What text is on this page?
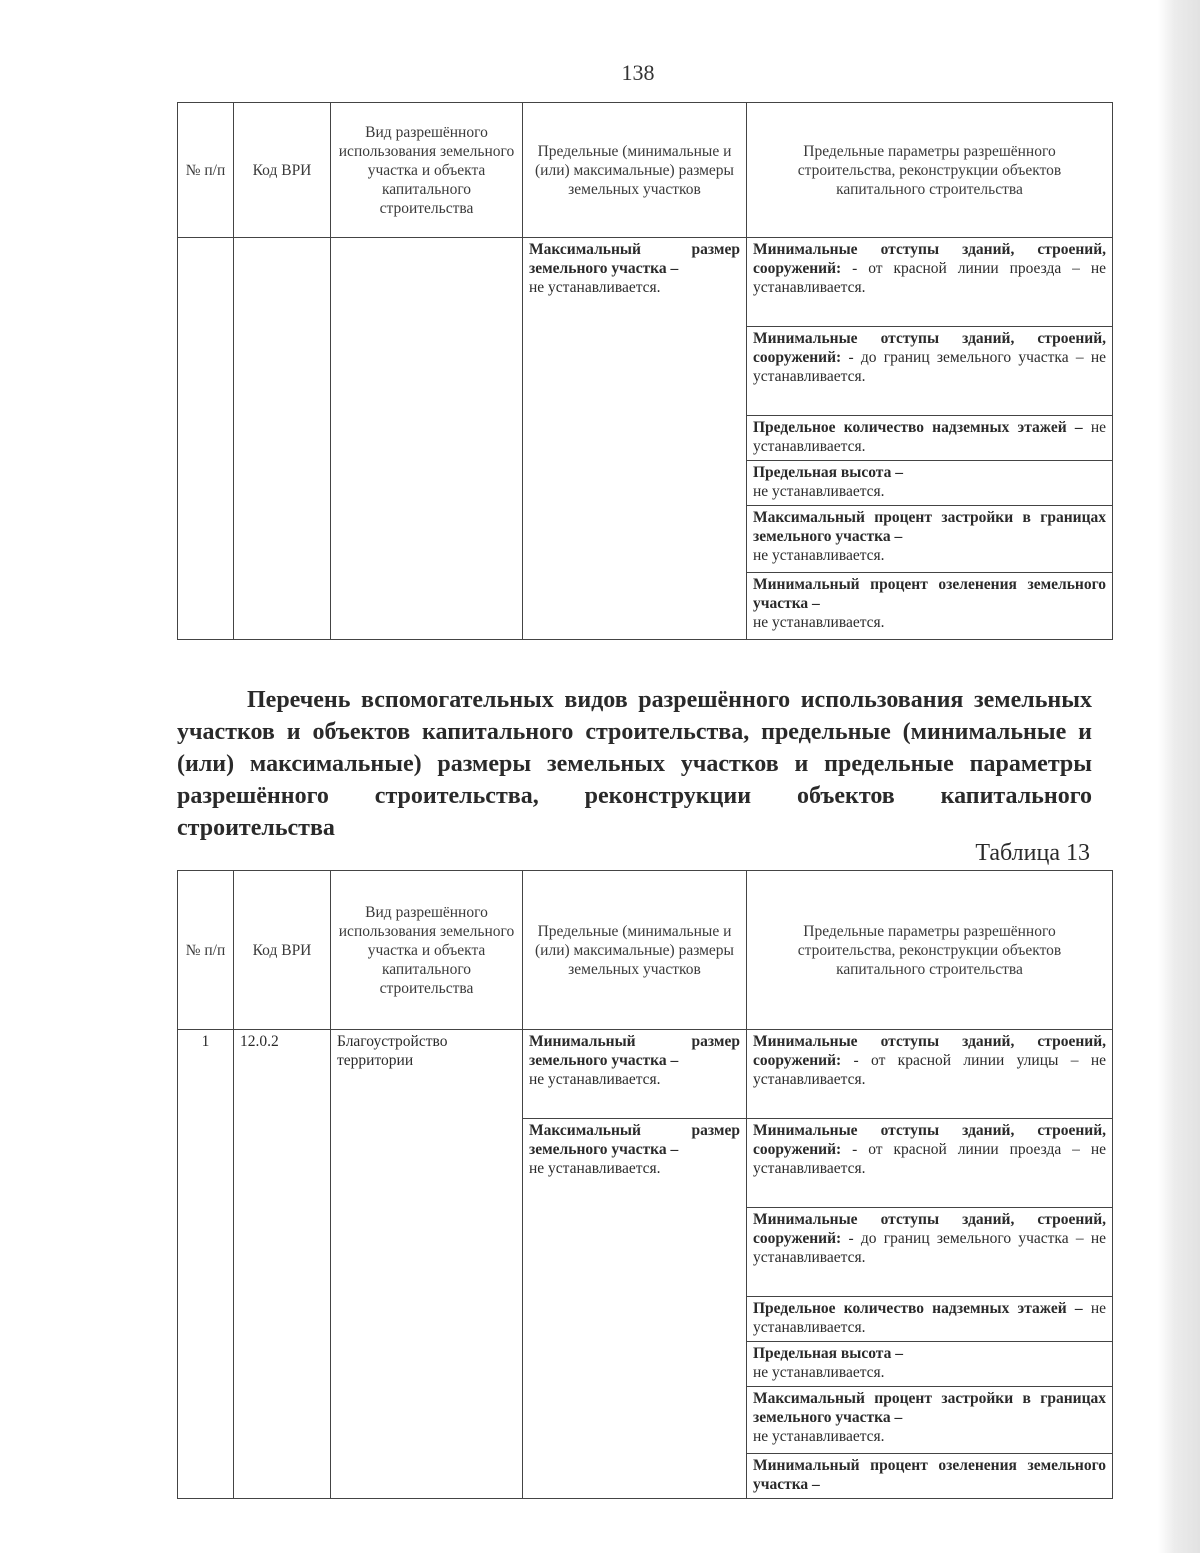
138
№ п/п	Код ВРИ	Вид разрешённого использования земельного участка и объекта капитального строительства	Предельные (минимальные и (или) максимальные) размеры земельных участков	Предельные параметры разрешённого строительства, реконструкции объектов капитального строительства
			Максимальный размер земельного участка –
не устанавливается.	Минимальные отступы зданий, строений, сооружений: - от красной линии проезда – не устанавливается.
				Минимальные отступы зданий, строений, сооружений: - до границ земельного участка – не устанавливается.
				Предельное количество надземных этажей – не устанавливается.
				Предельная высота –
не устанавливается.
				Максимальный процент застройки в границах земельного участка –
не устанавливается.
				Минимальный процент озеленения земельного участка –
не устанавливается.
Перечень вспомогательных видов разрешённого использования земельных участков и объектов капитального строительства, предельные (минимальные и (или) максимальные) размеры земельных участков и предельные параметры разрешённого строительства, реконструкции объектов капитального строительства
Таблица 13
№ п/п	Код ВРИ	Вид разрешённого использования земельного участка и объекта капитального строительства	Предельные (минимальные и (или) максимальные) размеры земельных участков	Предельные параметры разрешённого строительства, реконструкции объектов капитального строительства
1	12.0.2	Благоустройство территории	Минимальный размер земельного участка –
не устанавливается.	Минимальные отступы зданий, строений, сооружений: - от красной линии улицы – не устанавливается.
			Максимальный размер земельного участка –
не устанавливается.	Минимальные отступы зданий, строений, сооружений: - от красной линии проезда – не устанавливается.
				Минимальные отступы зданий, строений, сооружений: - до границ земельного участка – не устанавливается.
				Предельное количество надземных этажей – не устанавливается.
				Предельная высота –
не устанавливается.
				Максимальный процент застройки в границах земельного участка –
не устанавливается.
				Минимальный процент озеленения земельного участка –
